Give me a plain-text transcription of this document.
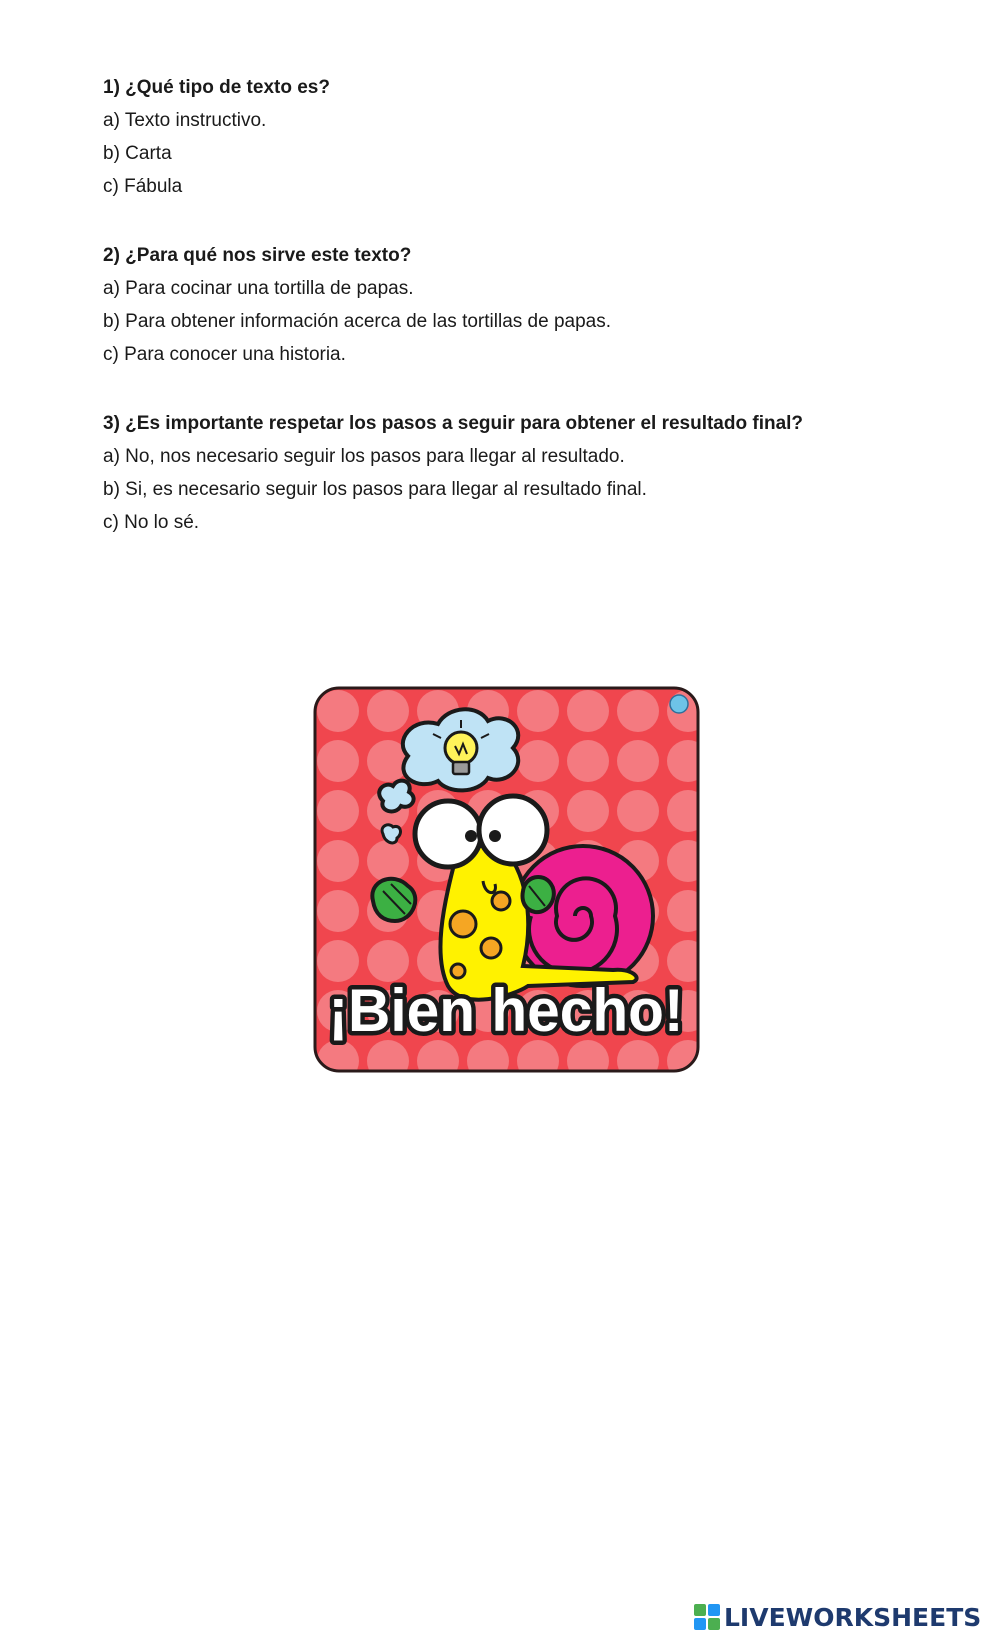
1) ¿Qué tipo de texto es?

a) Texto instructivo.

b) Carta

c) Fábula

2) ¿Para qué nos sirve este texto?

a) Para cocinar una tortilla de papas.

b) Para obtener información acerca de las tortillas de papas.

c) Para conocer una historia.

3) ¿Es importante respetar los pasos a seguir para obtener el resultado final?

a) No, nos necesario seguir los pasos para llegar al resultado.

b) Si, es necesario seguir los pasos para llegar al resultado final.

c) No lo sé.

¡Bien hecho!
LIVEWORKSHEETS
